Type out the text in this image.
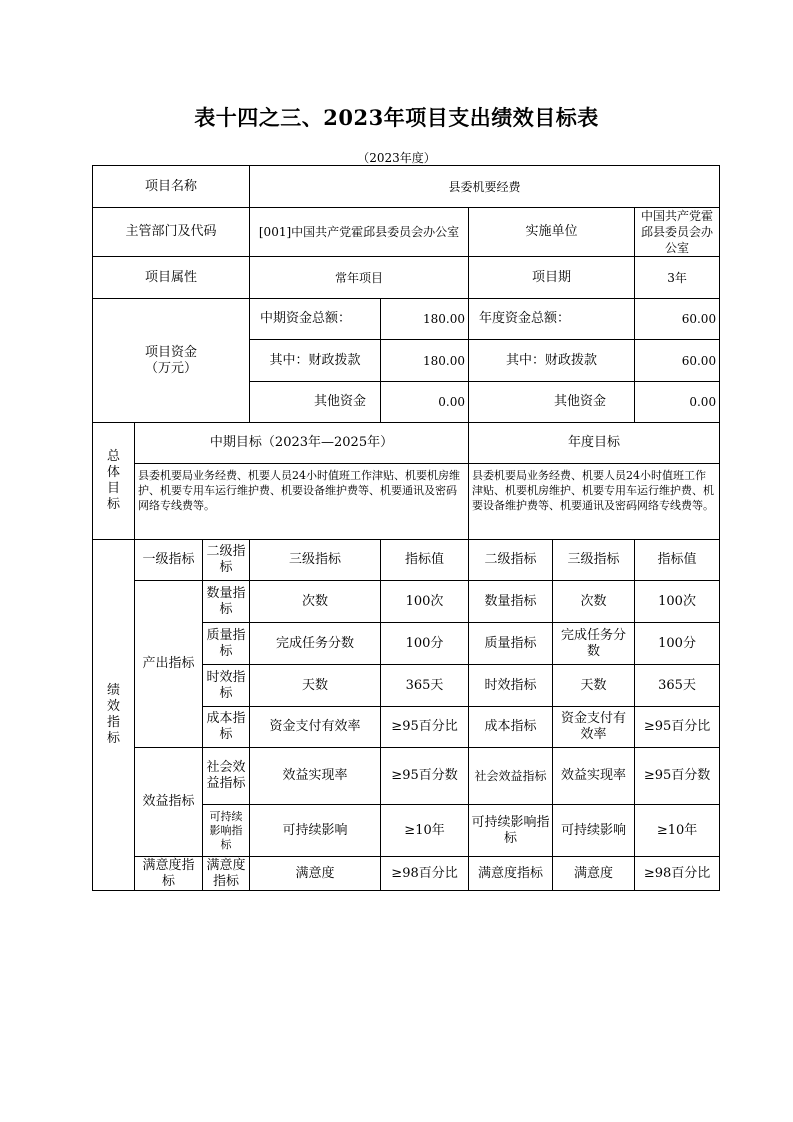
表十四之三、2023年项目支出绩效目标表
（2023年度）
项目名称			县委机要经费				
主管部门及代码			[001]中国共产党霍邱县委员会办公室		实施单位		中国共产党霍邱县委员会办公室
项目属性			常年项目		项目期		3年

项目资金
（万元）			中期资金总额：	180.00	年度资金总额：		60.00
			其中：财政拨款	180.00	其中：财政拨款		60.00
			其他资金	0.00	其他资金		0.00

总
体
目
标	中期目标（2023年—2025年）				年度目标		
	县委机要局业务经费、机要人员24小时值班工作津贴、机要机房维护、机要专用车运行维护费、机要设备维护费等、机要通讯及密码网络专线费等。				县委机要局业务经费、机要人员24小时值班工作津贴、机要机房维护、机要专用车运行维护费、机要设备维护费等、机要通讯及密码网络专线费等。		

绩
效
指
标	一级指标	二级指标	三级指标	指标值	二级指标	三级指标	指标值
	产出指标	数量指标	次数	100次	数量指标	次数	100次
		质量指标	完成任务分数	100分	质量指标	完成任务分数	100分
		时效指标	天数	365天	时效指标	天数	365天
		成本指标	资金支付有效率	≥95百分比	成本指标	资金支付有效率	≥95百分比
	效益指标	社会效益指标	效益实现率	≥95百分数	社会效益指标	效益实现率	≥95百分数
		可持续影响指标	可持续影响	≥10年	可持续影响指标	可持续影响	≥10年
	满意度指标	满意度指标	满意度	≥98百分比	满意度指标	满意度	≥98百分比
